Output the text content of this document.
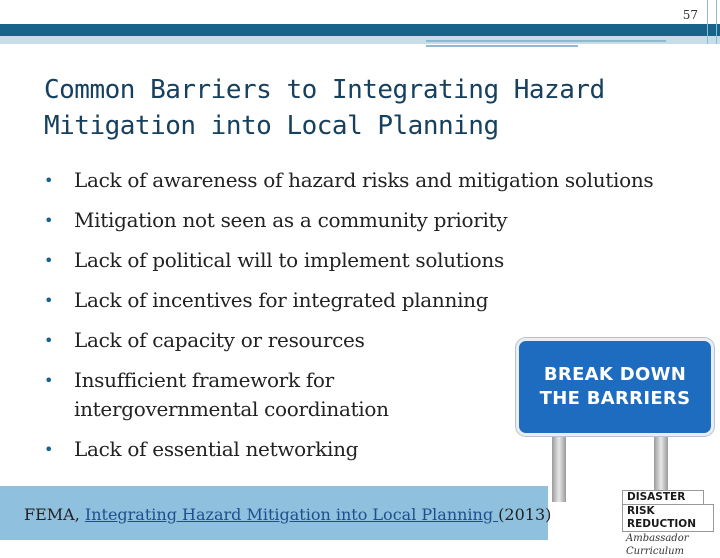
57
Common Barriers to Integrating Hazard Mitigation into Local Planning
• Lack of awareness of hazard risks and mitigation solutions
• Mitigation not seen as a community priority
• Lack of political will to implement solutions
• Lack of incentives for integrated planning
• Lack of capacity or resources
• Insufficient framework for intergovernmental coordination
• Lack of essential networking
BREAK DOWN
THE BARRIERS
FEMA, Integrating Hazard Mitigation into Local Planning (2013)
DISASTER
RISK REDUCTION
Ambassador Curriculum
